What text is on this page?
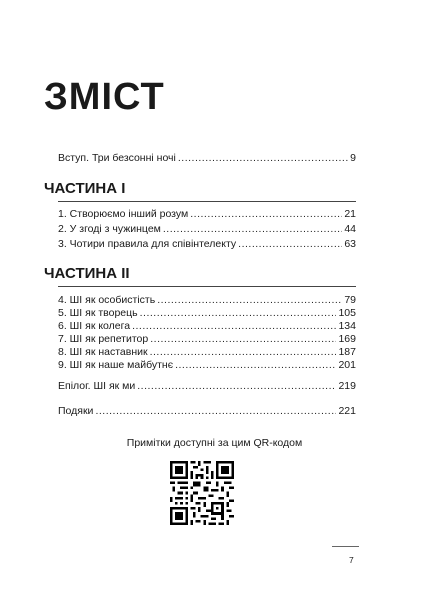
ЗМІСТ
Вступ. Три безсонні ночі .....	9
ЧАСТИНА I
1. Створюємо інший розум .....	21
2. У згоді з чужинцем .....	44
3. Чотири правила для співінтелекту .....	63
ЧАСТИНА II
4. ШІ як особистість .....	79
5. ШІ як творець .....	105
6. ШІ як колега .....	134
7. ШІ як репетитор .....	169
8. ШІ як наставник .....	187
9. ШІ як наше майбутнє .....	201
Епілог. ШІ як ми .....	219
Подяки .....	221
Примітки доступні за цим QR-кодом
7
